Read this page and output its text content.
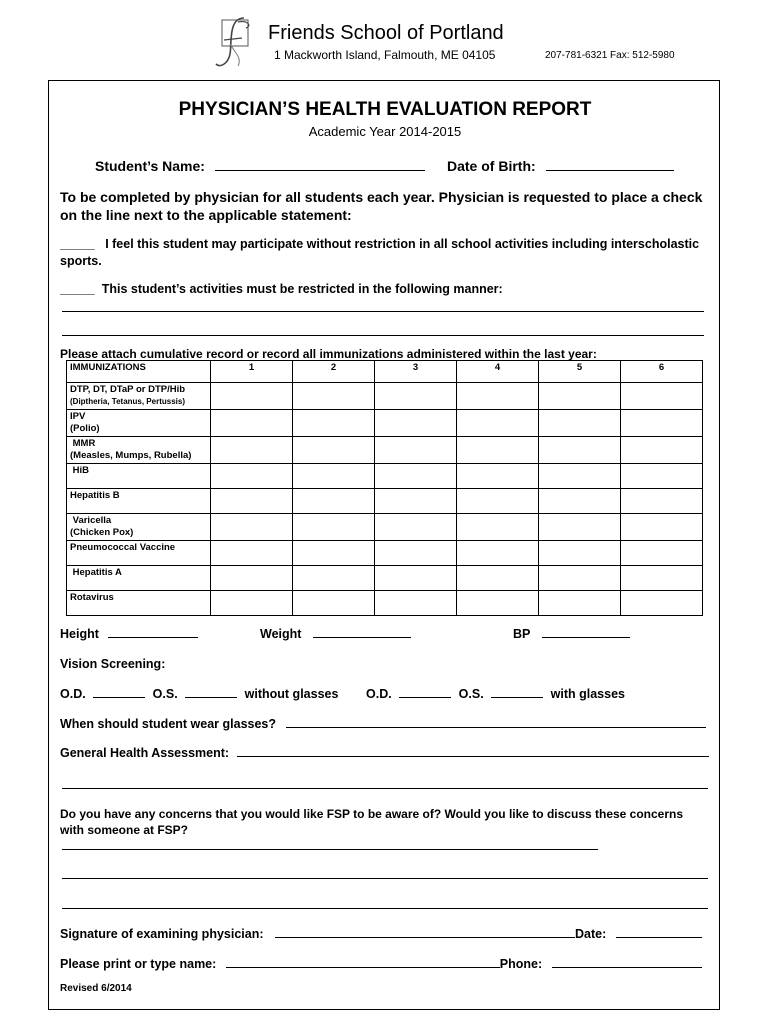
Friends School of Portland
1 Mackworth Island, Falmouth, ME 04105	207-781-6321 Fax: 512-5980
PHYSICIAN’S HEALTH EVALUATION REPORT
Academic Year 2014-2015
Student’s Name:	Date of Birth:
To be completed by physician for all students each year. Physician is requested to place a check on the line next to the applicable statement:
_____ I feel this student may participate without restriction in all school activities including interscholastic sports.
_____ This student’s activities must be restricted in the following manner:
Please attach cumulative record or record all immunizations administered within the last year:
IMMUNIZATIONS	1	2	3	4	5	6

DTP, DT, DTaP or DTP/Hib
(Diptheria, Tetanus, Pertussis)						

IPV
(Polio)						

MMR
(Measles, Mumps, Rubella)						

HiB						

Hepatitis B						

Varicella
(Chicken Pox)						

Pneumococcal Vaccine						

Hepatitis A						

Rotavirus						

Height	Weight	BP
Vision Screening:
O.D.	O.S.	without glasses O.D.	O.S.	with glasses
When should student wear glasses?
General Health Assessment:
Do you have any concerns that you would like FSP to be aware of? Would you like to discuss these concerns with someone at FSP?
Signature of examining physician:	Date:
Please print or type name:	Phone:
Revised 6/2014
